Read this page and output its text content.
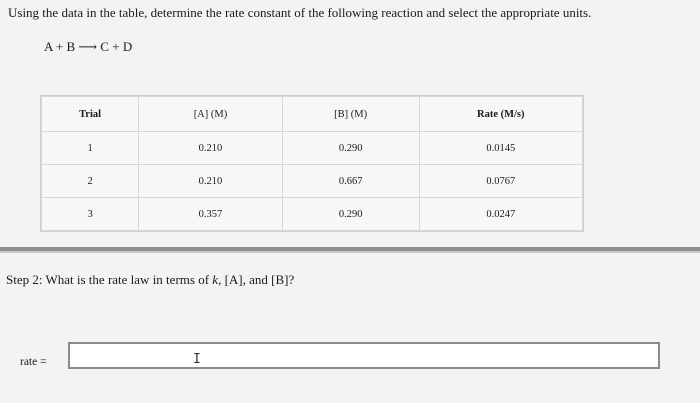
Using the data in the table, determine the rate constant of the following reaction and select the appropriate units.
A + B ⟶ C + D
Trial	[A] (M)	[B] (M)	Rate (M/s)
1	0.210	0.290	0.0145
2	0.210	0.667	0.0767
3	0.357	0.290	0.0247
Step 2: What is the rate law in terms of k, [A], and [B]?
rate =	I
